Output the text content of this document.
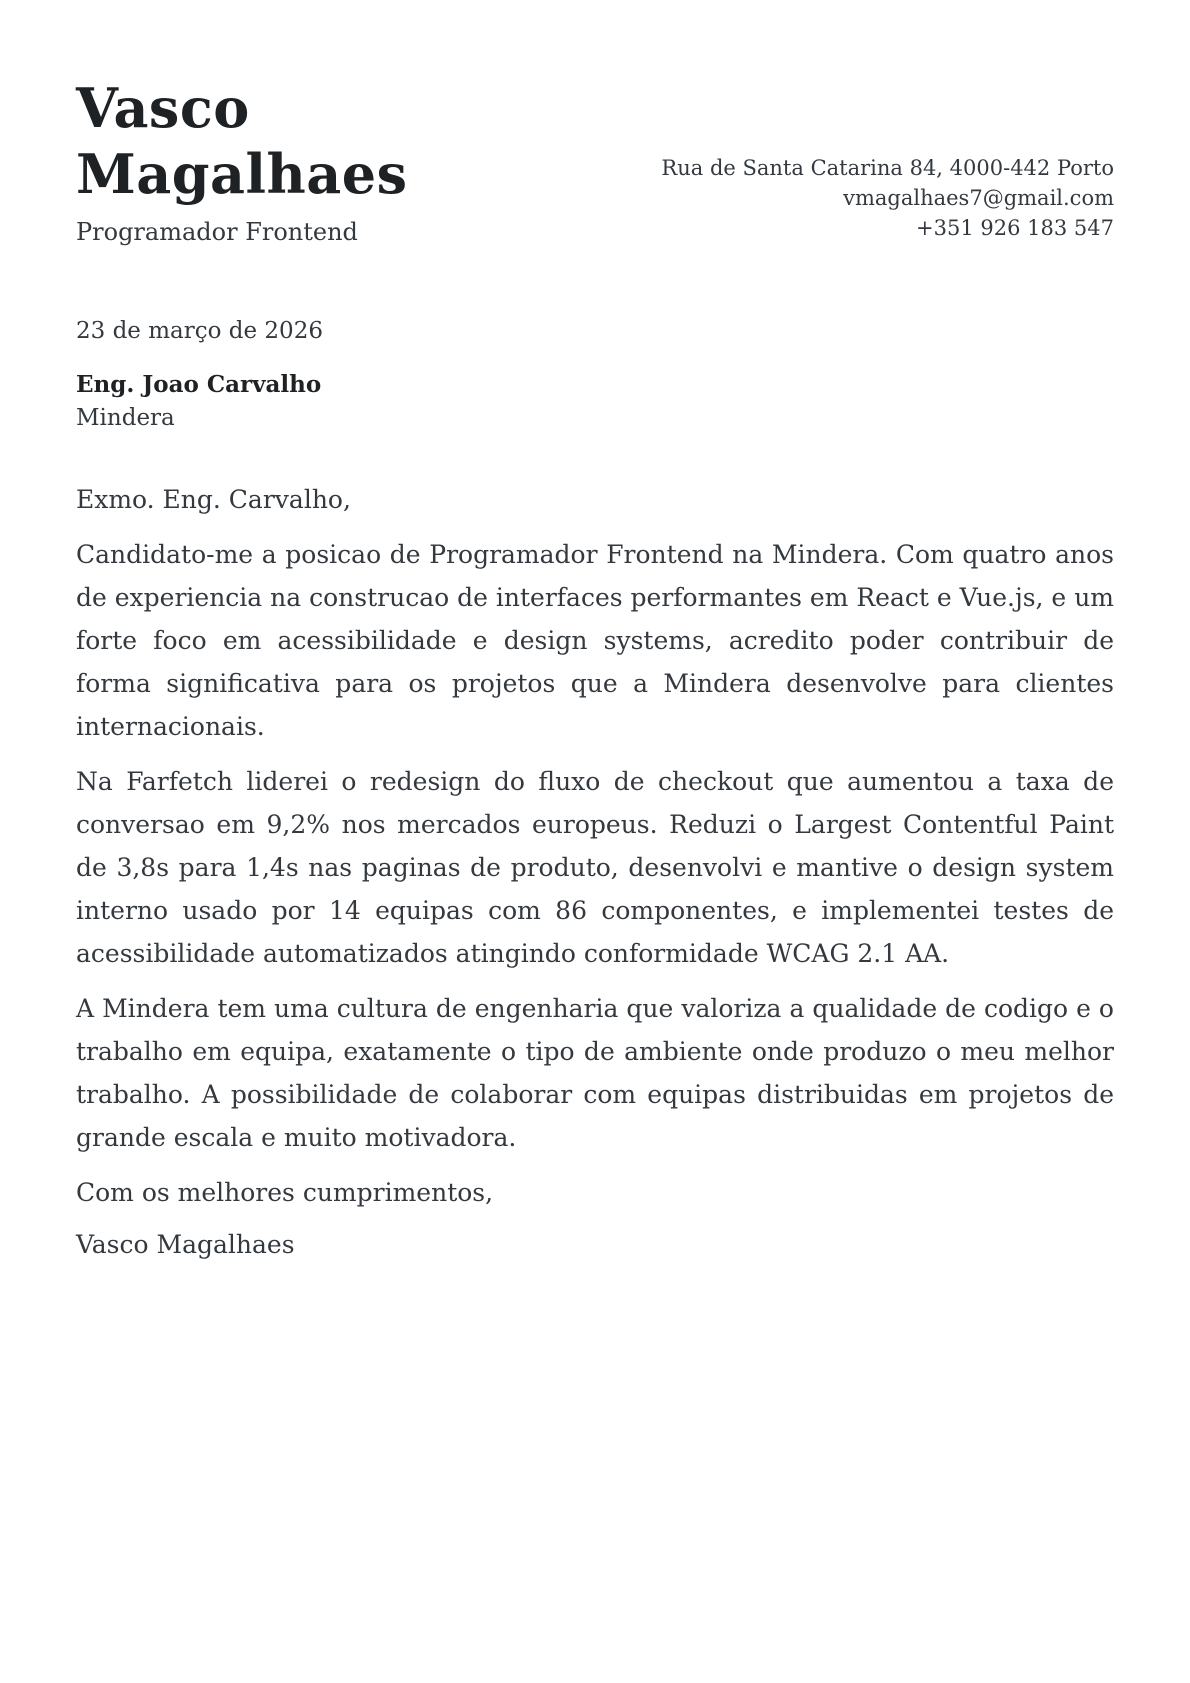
Vasco
Magalhaes
Programador Frontend
Rua de Santa Catarina 84, 4000-442 Porto
vmagalhaes7@gmail.com
+351 926 183 547
23 de março de 2026
Eng. Joao Carvalho
Mindera

Exmo. Eng. Carvalho,

Candidato-me a posicao de Programador Frontend na Mindera. Com quatro anos de experiencia na construcao de interfaces performantes em React e Vue.js, e um forte foco em acessibilidade e design systems, acredito poder contribuir de forma significativa para os projetos que a Mindera desenvolve para clientes internacionais.

Na Farfetch liderei o redesign do fluxo de checkout que aumentou a taxa de conversao em 9,2% nos mercados europeus. Reduzi o Largest Contentful Paint de 3,8s para 1,4s nas paginas de produto, desenvolvi e mantive o design system interno usado por 14 equipas com 86 componentes, e implementei testes de acessibilidade automatizados atingindo conformidade WCAG 2.1 AA.

A Mindera tem uma cultura de engenharia que valoriza a qualidade de codigo e o trabalho em equipa, exatamente o tipo de ambiente onde produzo o meu melhor trabalho. A possibilidade de colaborar com equipas distribuidas em projetos de grande escala e muito motivadora.

Com os melhores cumprimentos,

Vasco Magalhaes
